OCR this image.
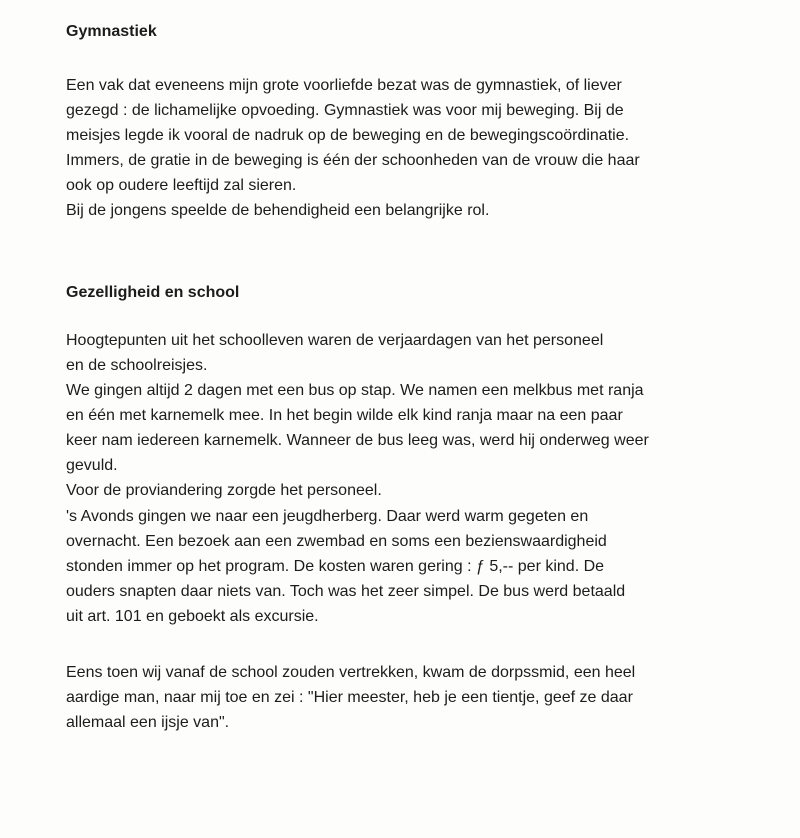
Gymnastiek

Een vak dat eveneens mijn grote voorliefde bezat was de gymnastiek, of liever

gezegd : de lichamelijke opvoeding. Gymnastiek was voor mij beweging. Bij de

meisjes legde ik vooral de nadruk op de beweging en de bewegingscoördinatie.

Immers, de gratie in de beweging is één der schoonheden van de vrouw die haar

ook op oudere leeftijd zal sieren.

Bij de jongens speelde de behendigheid een belangrijke rol.

Gezelligheid en school

Hoogtepunten uit het schoolleven waren de verjaardagen van het personeel

en de schoolreisjes.

We gingen altijd 2 dagen met een bus op stap. We namen een melkbus met ranja

en één met karnemelk mee. In het begin wilde elk kind ranja maar na een paar

keer nam iedereen karnemelk. Wanneer de bus leeg was, werd hij onderweg weer

gevuld.

Voor de proviandering zorgde het personeel.

's Avonds gingen we naar een jeugdherberg. Daar werd warm gegeten en

overnacht. Een bezoek aan een zwembad en soms een bezienswaardigheid

stonden immer op het program. De kosten waren gering : ƒ 5,-- per kind. De

ouders snapten daar niets van. Toch was het zeer simpel. De bus werd betaald

uit art. 101 en geboekt als excursie.

Eens toen wij vanaf de school zouden vertrekken, kwam de dorpssmid, een heel

aardige man, naar mij toe en zei : "Hier meester, heb je een tientje, geef ze daar

allemaal een ijsje van".
